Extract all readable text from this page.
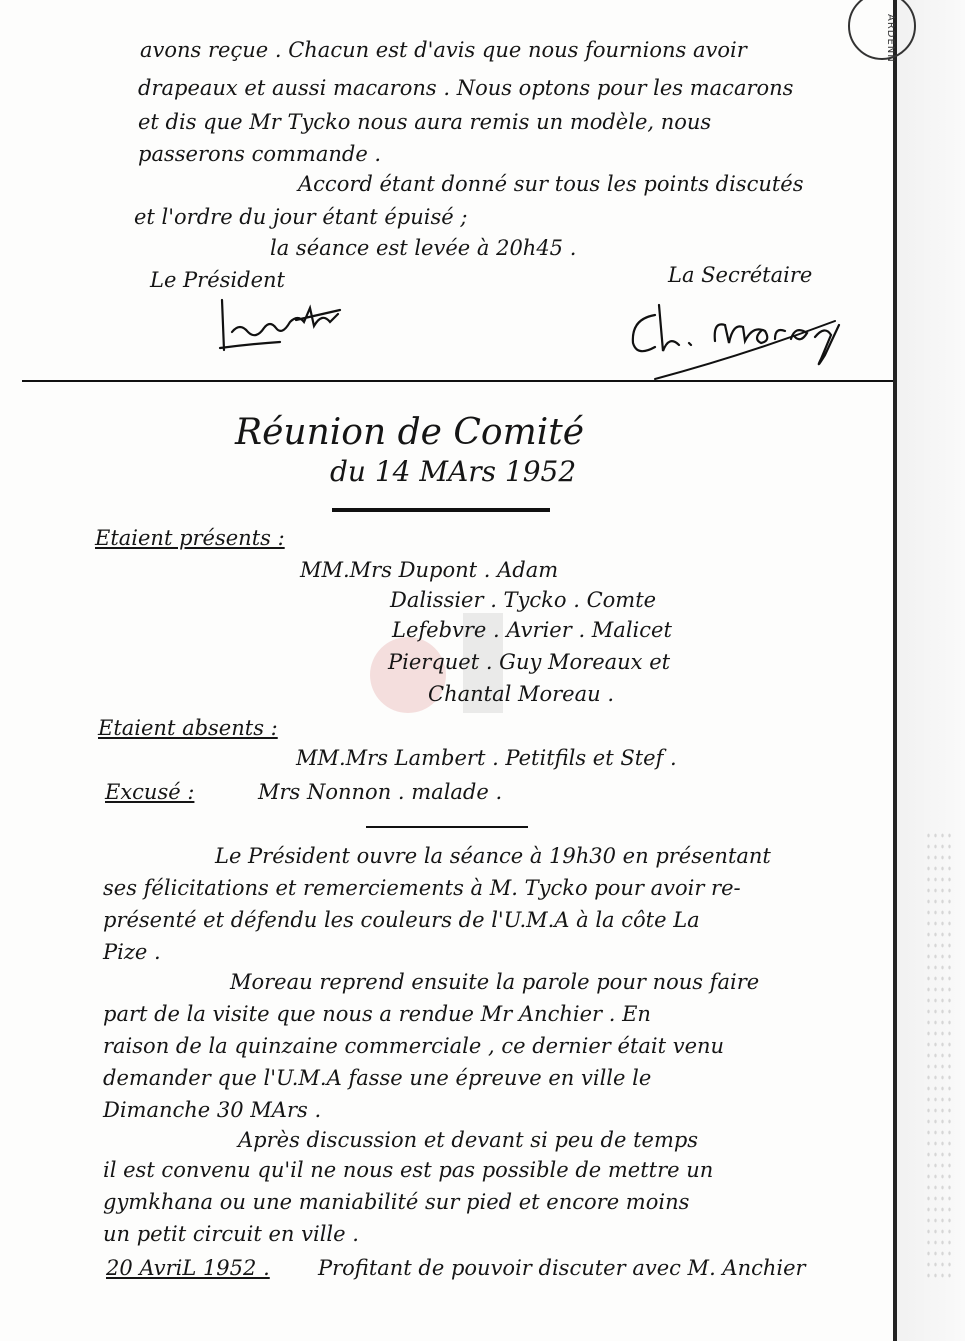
ARDENN
avons reçue . Chacun est d'avis que nous fournions avoir
drapeaux et aussi macarons . Nous optons pour les macarons
et dis que Mr Tycko nous aura remis un modèle, nous
passerons commande .
Accord étant donné sur tous les points discutés
et l'ordre du jour étant épuisé ;
la séance est levée à 20h45 .
Le Président	La Secrétaire
Réunion de Comité
du 14 MArs 1952
Etaient présents :
MM.Mrs Dupont . Adam
Dalissier . Tycko . Comte
Lefebvre . Avrier . Malicet
Pierquet . Guy Moreaux et
Chantal Moreau .
Etaient absents :
MM.Mrs Lambert . Petitfils et Stef .
Excusé :	Mrs Nonnon . malade .
Le Président ouvre la séance à 19h30 en présentant
ses félicitations et remerciements à M. Tycko pour avoir re-
présenté et défendu les couleurs de l'U.M.A à la côte La
Pize .
Moreau reprend ensuite la parole pour nous faire
part de la visite que nous a rendue Mr Anchier . En
raison de la quinzaine commerciale , ce dernier était venu
demander que l'U.M.A fasse une épreuve en ville le
Dimanche 30 MArs .
Après discussion et devant si peu de temps
il est convenu qu'il ne nous est pas possible de mettre un
gymkhana ou une maniabilité sur pied et encore moins
un petit circuit en ville .
20 AvriL 1952 . Profitant de pouvoir discuter avec M. Anchier
